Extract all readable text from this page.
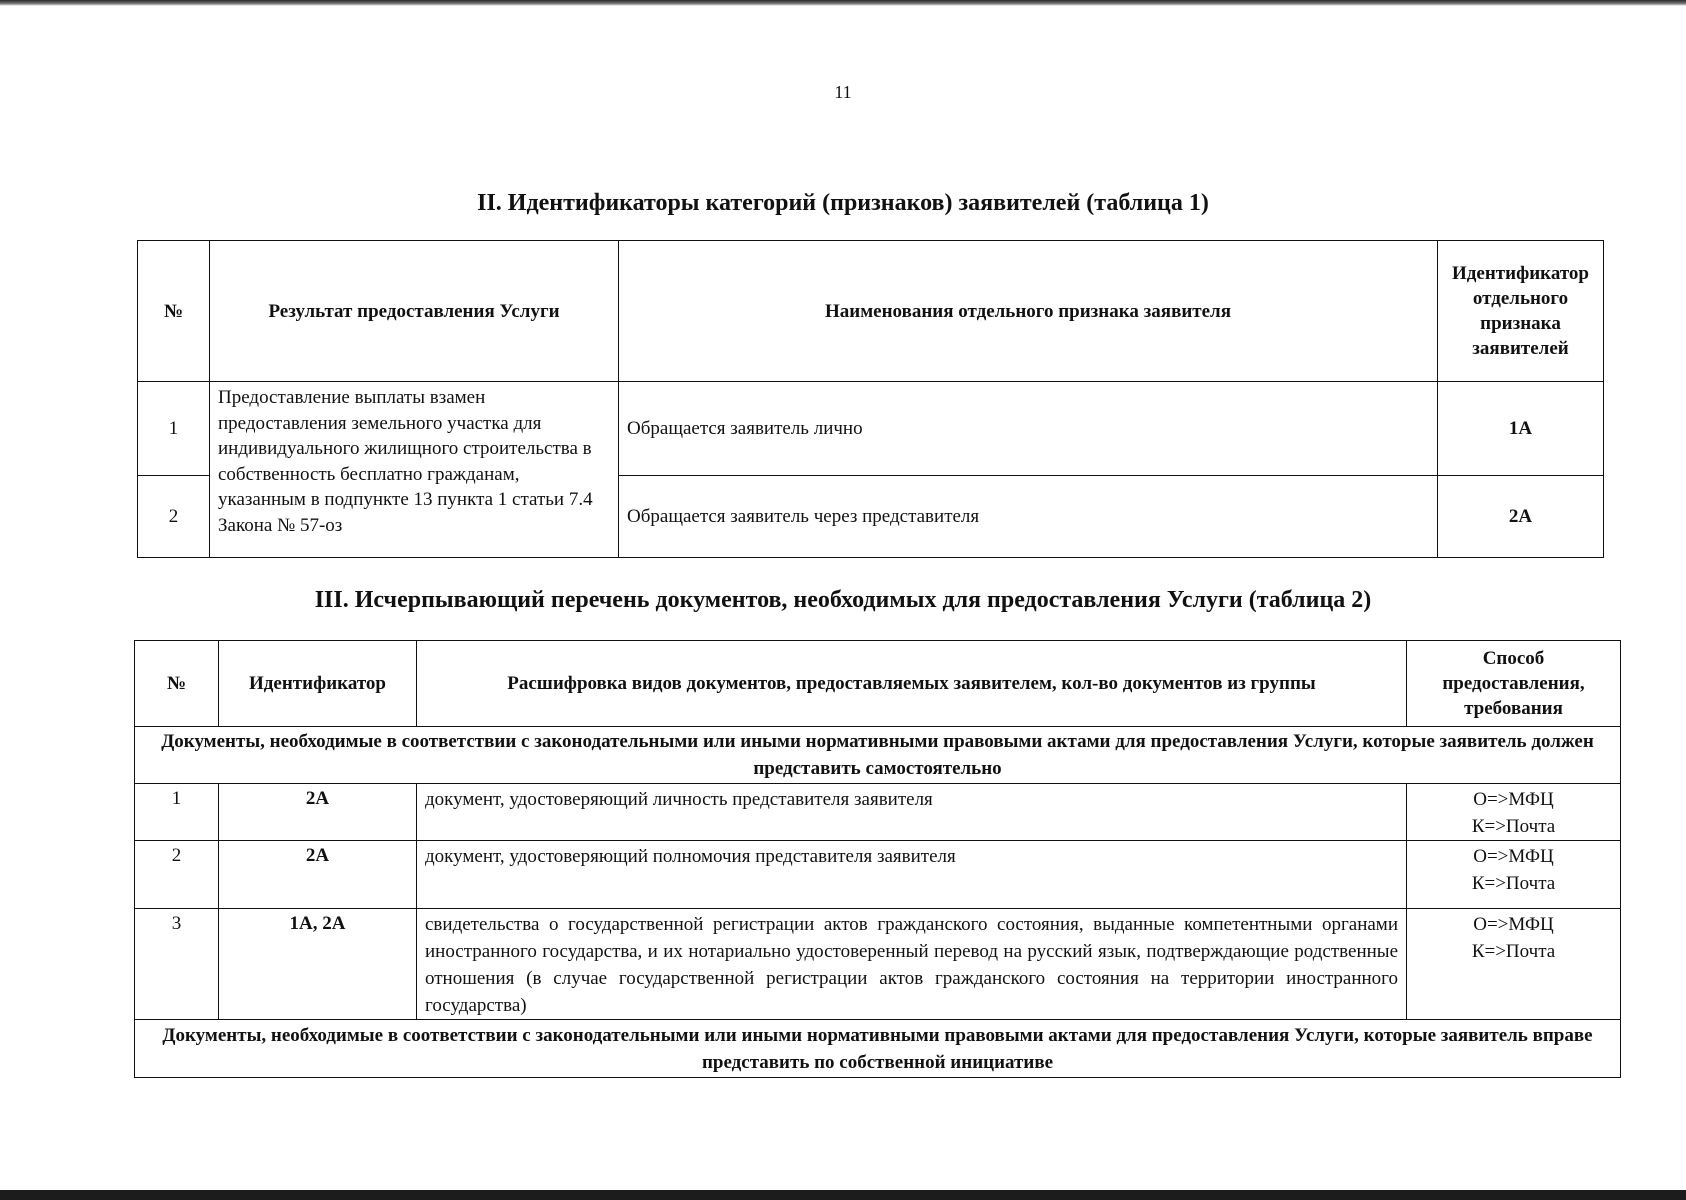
11
II. Идентификаторы категорий (признаков) заявителей (таблица 1)
№	Результат предоставления Услуги	Наименования отдельного признака заявителя	Идентификатор отдельного признака заявителей
1	Предоставление выплаты взамен предоставления земельного участка для индивидуального жилищного строительства в собственность бесплатно гражданам, указанным в подпункте 13 пункта 1 статьи 7.4 Закона № 57-оз	Обращается заявитель лично	1А
2		Обращается заявитель через представителя	2А
III. Исчерпывающий перечень документов, необходимых для предоставления Услуги (таблица 2)
№	Идентификатор	Расшифровка видов документов, предоставляемых заявителем, кол-во документов из группы	Способ предоставления, требования
Документы, необходимые в соответствии с законодательными или иными нормативными правовыми актами для предоставления Услуги, которые заявитель должен представить самостоятельно			
1	2А	документ, удостоверяющий личность представителя заявителя	О=>МФЦ
К=>Почта

2	2А	документ, удостоверяющий полномочия представителя заявителя	О=>МФЦ
К=>Почта

3	1А, 2А	свидетельства о государственной регистрации актов гражданского состояния, выданные компетентными органами иностранного государства, и их нотариально удостоверенный перевод на русский язык, подтверждающие родственные отношения (в случае государственной регистрации актов гражданского состояния на территории иностранного государства)	О=>МФЦ
К=>Почта

Документы, необходимые в соответствии с законодательными или иными нормативными правовыми актами для предоставления Услуги, которые заявитель вправе представить по собственной инициативе			
